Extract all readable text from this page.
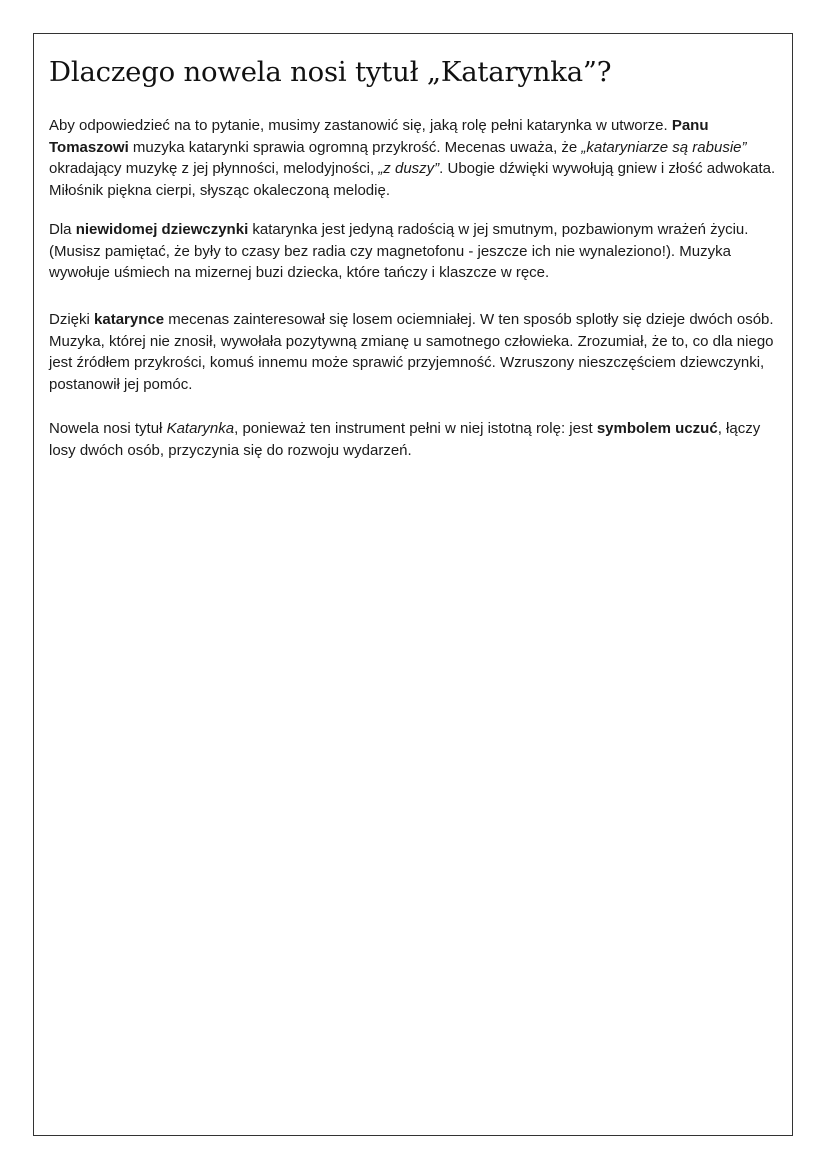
Dlaczego nowela nosi tytuł „Katarynka”?

Aby odpowiedzieć na to pytanie, musimy zastanowić się, jaką rolę pełni katarynka w utworze. Panu Tomaszowi muzyka katarynki sprawia ogromną przykrość. Mecenas uważa, że „kataryniarze są rabusie” okradający muzykę z jej płynności, melodyjności, „z duszy”. Ubogie dźwięki wywołują gniew i złość adwokata. Miłośnik piękna cierpi, słysząc okaleczoną melodię.

Dla niewidomej dziewczynki katarynka jest jedyną radością w jej smutnym, pozbawionym wrażeń życiu. (Musisz pamiętać, że były to czasy bez radia czy magnetofonu - jeszcze ich nie wynaleziono!). Muzyka wywołuje uśmiech na mizernej buzi dziecka, które tańczy i klaszcze w ręce.

Dzięki katarynce mecenas zainteresował się losem ociemniałej. W ten sposób splotły się dzieje dwóch osób. Muzyka, której nie znosił, wywołała pozytywną zmianę u samotnego człowieka. Zrozumiał, że to, co dla niego jest źródłem przykrości, komuś innemu może sprawić przyjemność. Wzruszony nieszczęściem dziewczynki, postanowił jej pomóc.

Nowela nosi tytuł Katarynka, ponieważ ten instrument pełni w niej istotną rolę: jest symbolem uczuć, łączy losy dwóch osób, przyczynia się do rozwoju wydarzeń.
